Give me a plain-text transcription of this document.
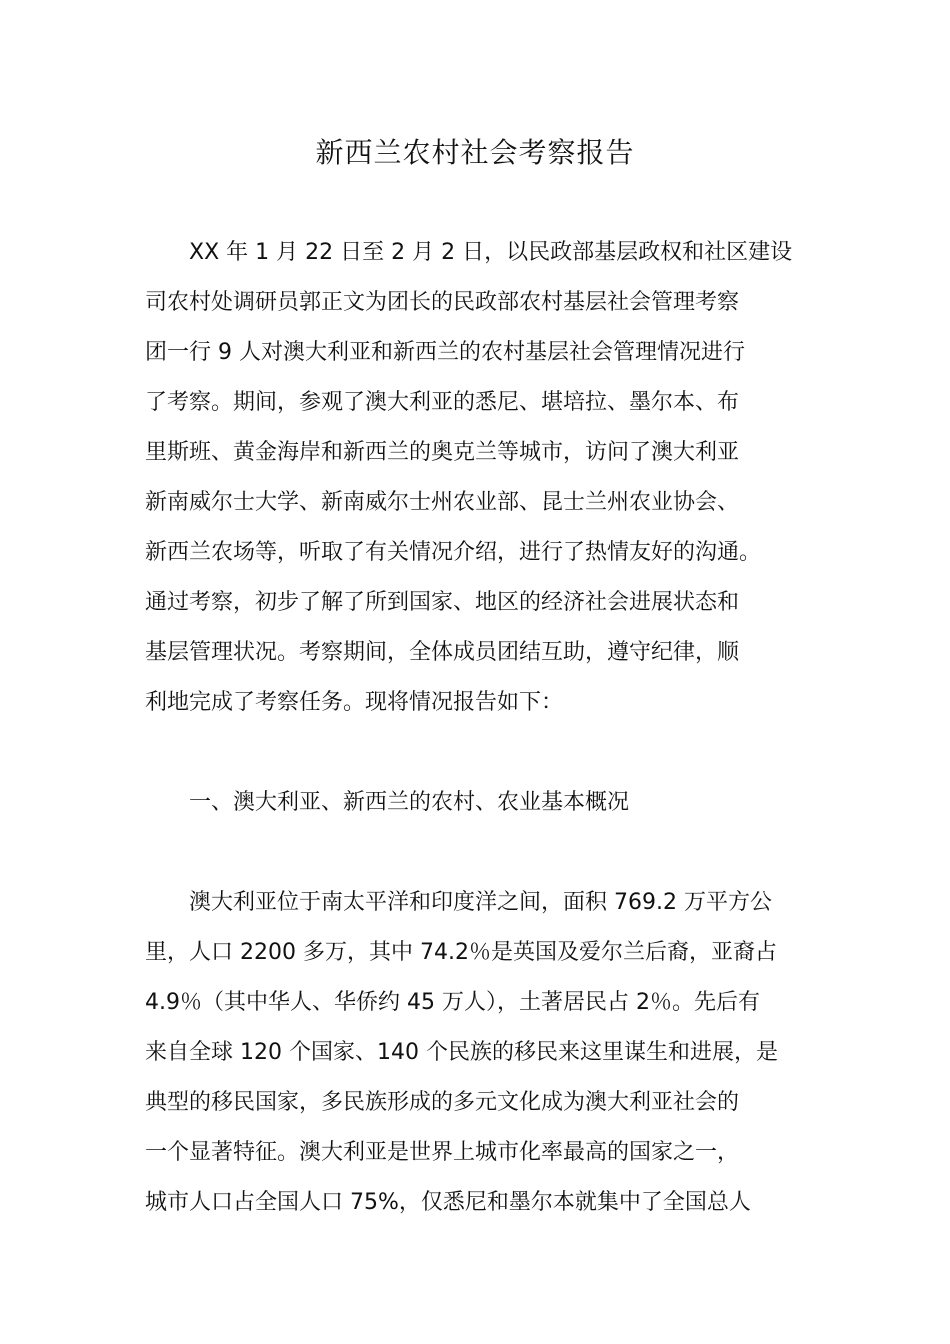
新西兰农村社会考察报告
XX 年 1 月 22 日至 2 月 2 日，以民政部基层政权和社区建设
司农村处调研员郭正文为团长的民政部农村基层社会管理考察
团一行 9 人对澳大利亚和新西兰的农村基层社会管理情况进行
了考察。期间，参观了澳大利亚的悉尼、堪培拉、墨尔本、布
里斯班、黄金海岸和新西兰的奥克兰等城市，访问了澳大利亚
新南威尔士大学、新南威尔士州农业部、昆士兰州农业协会、
新西兰农场等，听取了有关情况介绍，进行了热情友好的沟通。
通过考察，初步了解了所到国家、地区的经济社会进展状态和
基层管理状况。考察期间，全体成员团结互助，遵守纪律，顺
利地完成了考察任务。现将情况报告如下：
一、澳大利亚、新西兰的农村、农业基本概况
澳大利亚位于南太平洋和印度洋之间，面积 769.2 万平方公
里，人口 2200 多万，其中 74.2％是英国及爱尔兰后裔，亚裔占
4.9％（其中华人、华侨约 45 万人），土著居民占 2％。先后有
来自全球 120 个国家、140 个民族的移民来这里谋生和进展，是
典型的移民国家，多民族形成的多元文化成为澳大利亚社会的
一个显著特征。澳大利亚是世界上城市化率最高的国家之一，
城市人口占全国人口 75%，仅悉尼和墨尔本就集中了全国总人
